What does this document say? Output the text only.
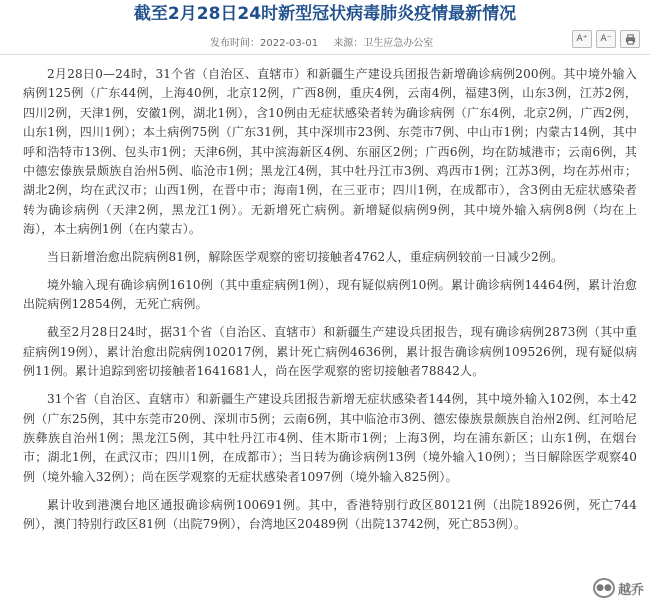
截至2月28日24时新型冠状病毒肺炎疫情最新情况
发布时间：2022-03-01 来源：卫生应急办公室	A⁺	A⁻

2月28日0—24时，31个省（自治区、直辖市）和新疆生产建设兵团报告新增确诊病例200例。其中境外输入病例125例（广东44例，上海40例，北京12例，广西8例，重庆4例，云南4例，福建3例，山东3例，江苏2例，四川2例，天津1例，安徽1例，湖北1例），含10例由无症状感染者转为确诊病例（广东4例，北京2例，广西2例，山东1例，四川1例）；本土病例75例（广东31例，其中深圳市23例、东莞市7例、中山市1例；内蒙古14例，其中呼和浩特市13例、包头市1例；天津6例，其中滨海新区4例、东丽区2例；广西6例，均在防城港市；云南6例，其中德宏傣族景颇族自治州5例、临沧市1例；黑龙江4例，其中牡丹江市3例、鸡西市1例；江苏3例，均在苏州市；湖北2例，均在武汉市；山西1例，在晋中市；海南1例，在三亚市；四川1例，在成都市），含3例由无症状感染者转为确诊病例（天津2例，黑龙江1例）。无新增死亡病例。新增疑似病例9例，其中境外输入病例8例（均在上海），本土病例1例（在内蒙古）。

当日新增治愈出院病例81例，解除医学观察的密切接触者4762人，重症病例较前一日减少2例。

境外输入现有确诊病例1610例（其中重症病例1例），现有疑似病例10例。累计确诊病例14464例，累计治愈出院病例12854例，无死亡病例。

截至2月28日24时，据31个省（自治区、直辖市）和新疆生产建设兵团报告，现有确诊病例2873例（其中重症病例19例），累计治愈出院病例102017例，累计死亡病例4636例，累计报告确诊病例109526例，现有疑似病例11例。累计追踪到密切接触者1641681人，尚在医学观察的密切接触者78842人。

31个省（自治区、直辖市）和新疆生产建设兵团报告新增无症状感染者144例，其中境外输入102例，本土42例（广东25例，其中东莞市20例、深圳市5例；云南6例，其中临沧市3例、德宏傣族景颇族自治州2例、红河哈尼族彝族自治州1例；黑龙江5例，其中牡丹江市4例、佳木斯市1例；上海3例，均在浦东新区；山东1例，在烟台市；湖北1例，在武汉市；四川1例，在成都市）；当日转为确诊病例13例（境外输入10例）；当日解除医学观察40例（境外输入32例）；尚在医学观察的无症状感染者1097例（境外输入825例）。

累计收到港澳台地区通报确诊病例100691例。其中，香港特别行政区80121例（出院18926例，死亡744例），澳门特别行政区81例（出院79例），台湾地区20489例（出院13742例，死亡853例）。

●● 越乔
